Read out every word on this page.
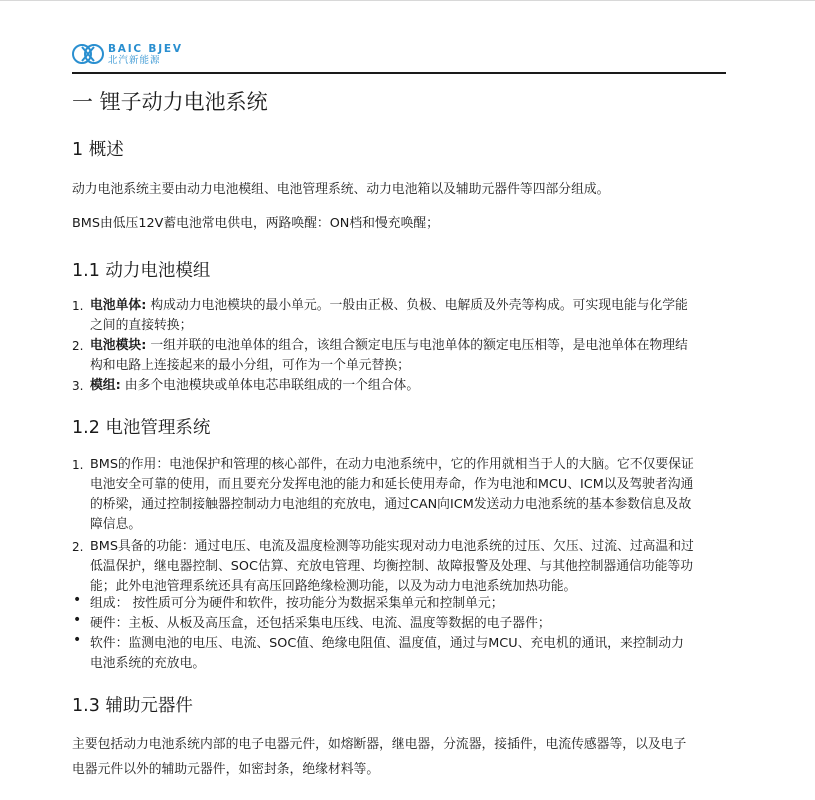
BAIC BJEV
北汽新能源
一 锂子动力电池系统
1 概述
动力电池系统主要由动力电池模组、电池管理系统、动力电池箱以及辅助元器件等四部分组成。
BMS由低压12V蓄电池常电供电，两路唤醒：ON档和慢充唤醒；
1.1 动力电池模组
1. 电池单体: 构成动力电池模块的最小单元。一般由正极、负极、电解质及外壳等构成。可实现电能与化学能
之间的直接转换；
2. 电池模块: 一组并联的电池单体的组合，该组合额定电压与电池单体的额定电压相等，是电池单体在物理结
构和电路上连接起来的最小分组，可作为一个单元替换；
3. 模组: 由多个电池模块或单体电芯串联组成的一个组合体。
1.2 电池管理系统
1. BMS的作用：电池保护和管理的核心部件，在动力电池系统中，它的作用就相当于人的大脑。它不仅要保证
电池安全可靠的使用，而且要充分发挥电池的能力和延长使用寿命，作为电池和MCU、ICM以及驾驶者沟通
的桥梁，通过控制接触器控制动力电池组的充放电，通过CAN向ICM发送动力电池系统的基本参数信息及故
障信息。
2. BMS具备的功能：通过电压、电流及温度检测等功能实现对动力电池系统的过压、欠压、过流、过高温和过
低温保护，继电器控制、SOC估算、充放电管理、均衡控制、故障报警及处理、与其他控制器通信功能等功
能；此外电池管理系统还具有高压回路绝缘检测功能，以及为动力电池系统加热功能。
• 组成： 按性质可分为硬件和软件，按功能分为数据采集单元和控制单元；
• 硬件：主板、从板及高压盒，还包括采集电压线、电流、温度等数据的电子器件；
• 软件：监测电池的电压、电流、SOC值、绝缘电阻值、温度值，通过与MCU、充电机的通讯，来控制动力
电池系统的充放电。
1.3 辅助元器件
主要包括动力电池系统内部的电子电器元件，如熔断器，继电器，分流器，接插件，电流传感器等，以及电子
电器元件以外的辅助元器件，如密封条，绝缘材料等。
